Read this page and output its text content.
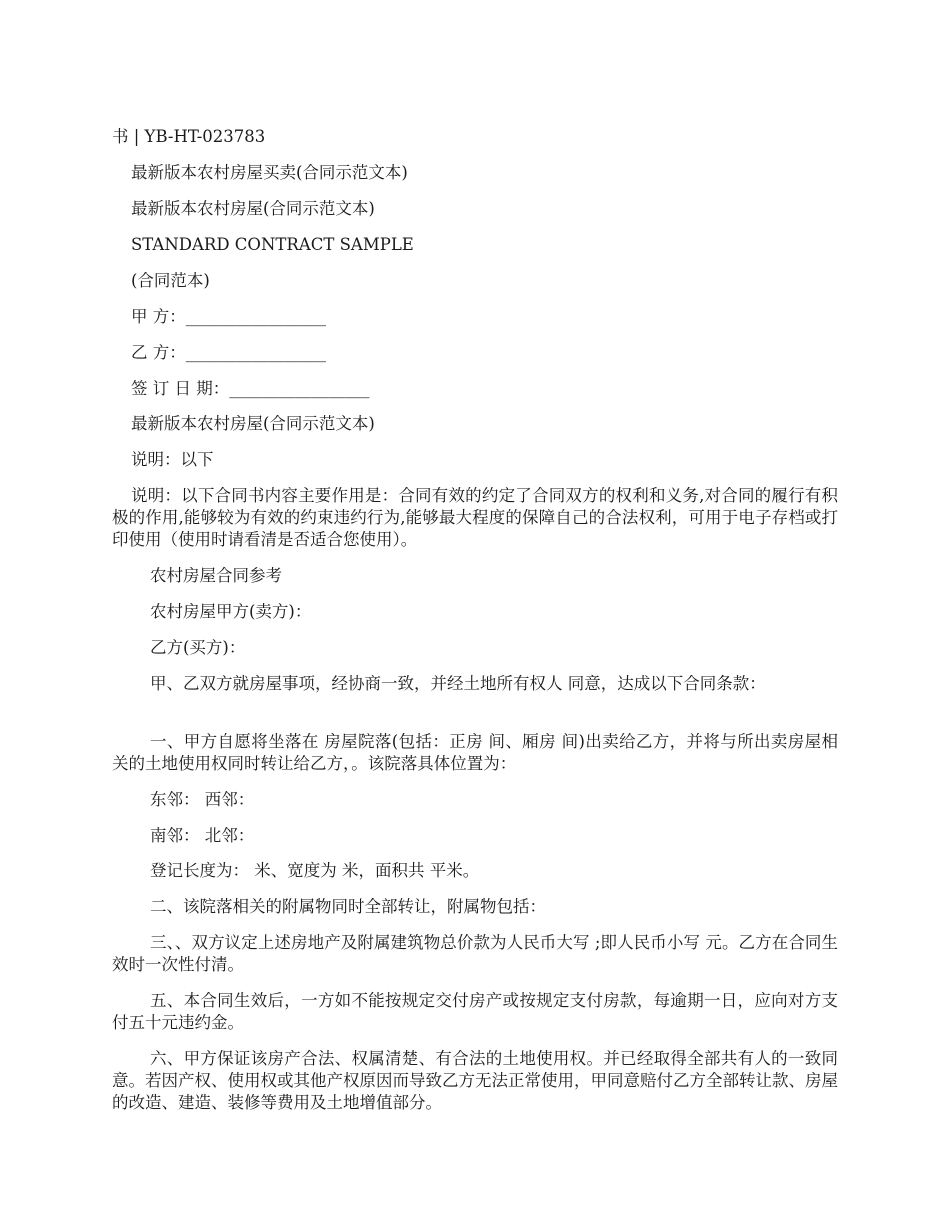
书 | YB-HT-023783
最新版本农村房屋买卖(合同示范文本)
最新版本农村房屋(合同示范文本)
STANDARD CONTRACT SAMPLE
(合同范本)
甲 方：_________________
乙 方：_________________
签 订 日 期：_________________
最新版本农村房屋(合同示范文本)
说明：以下
说明：以下合同书内容主要作用是：合同有效的约定了合同双方的权利和义务,对合同的履行有积极的作用,能够较为有效的约束违约行为,能够最大程度的保障自己的合法权利，可用于电子存档或打印使用（使用时请看清是否适合您使用）。
农村房屋合同参考
农村房屋甲方(卖方)：
乙方(买方)：
甲、乙双方就房屋事项，经协商一致，并经土地所有权人 同意，达成以下合同条款：
一、甲方自愿将坐落在 房屋院落(包括：正房 间、厢房 间)出卖给乙方，并将与所出卖房屋相关的土地使用权同时转让给乙方，。该院落具体位置为：
东邻： 西邻：
南邻： 北邻：
登记长度为： 米、宽度为 米，面积共 平米。
二、该院落相关的附属物同时全部转让，附属物包括：
三、、双方议定上述房地产及附属建筑物总价款为人民币大写 ;即人民币小写 元。乙方在合同生效时一次性付清。
五、本合同生效后，一方如不能按规定交付房产或按规定支付房款，每逾期一日，应向对方支付五十元违约金。
六、甲方保证该房产合法、权属清楚、有合法的土地使用权。并已经取得全部共有人的一致同意。若因产权、使用权或其他产权原因而导致乙方无法正常使用，甲同意赔付乙方全部转让款、房屋的改造、建造、装修等费用及土地增值部分。
